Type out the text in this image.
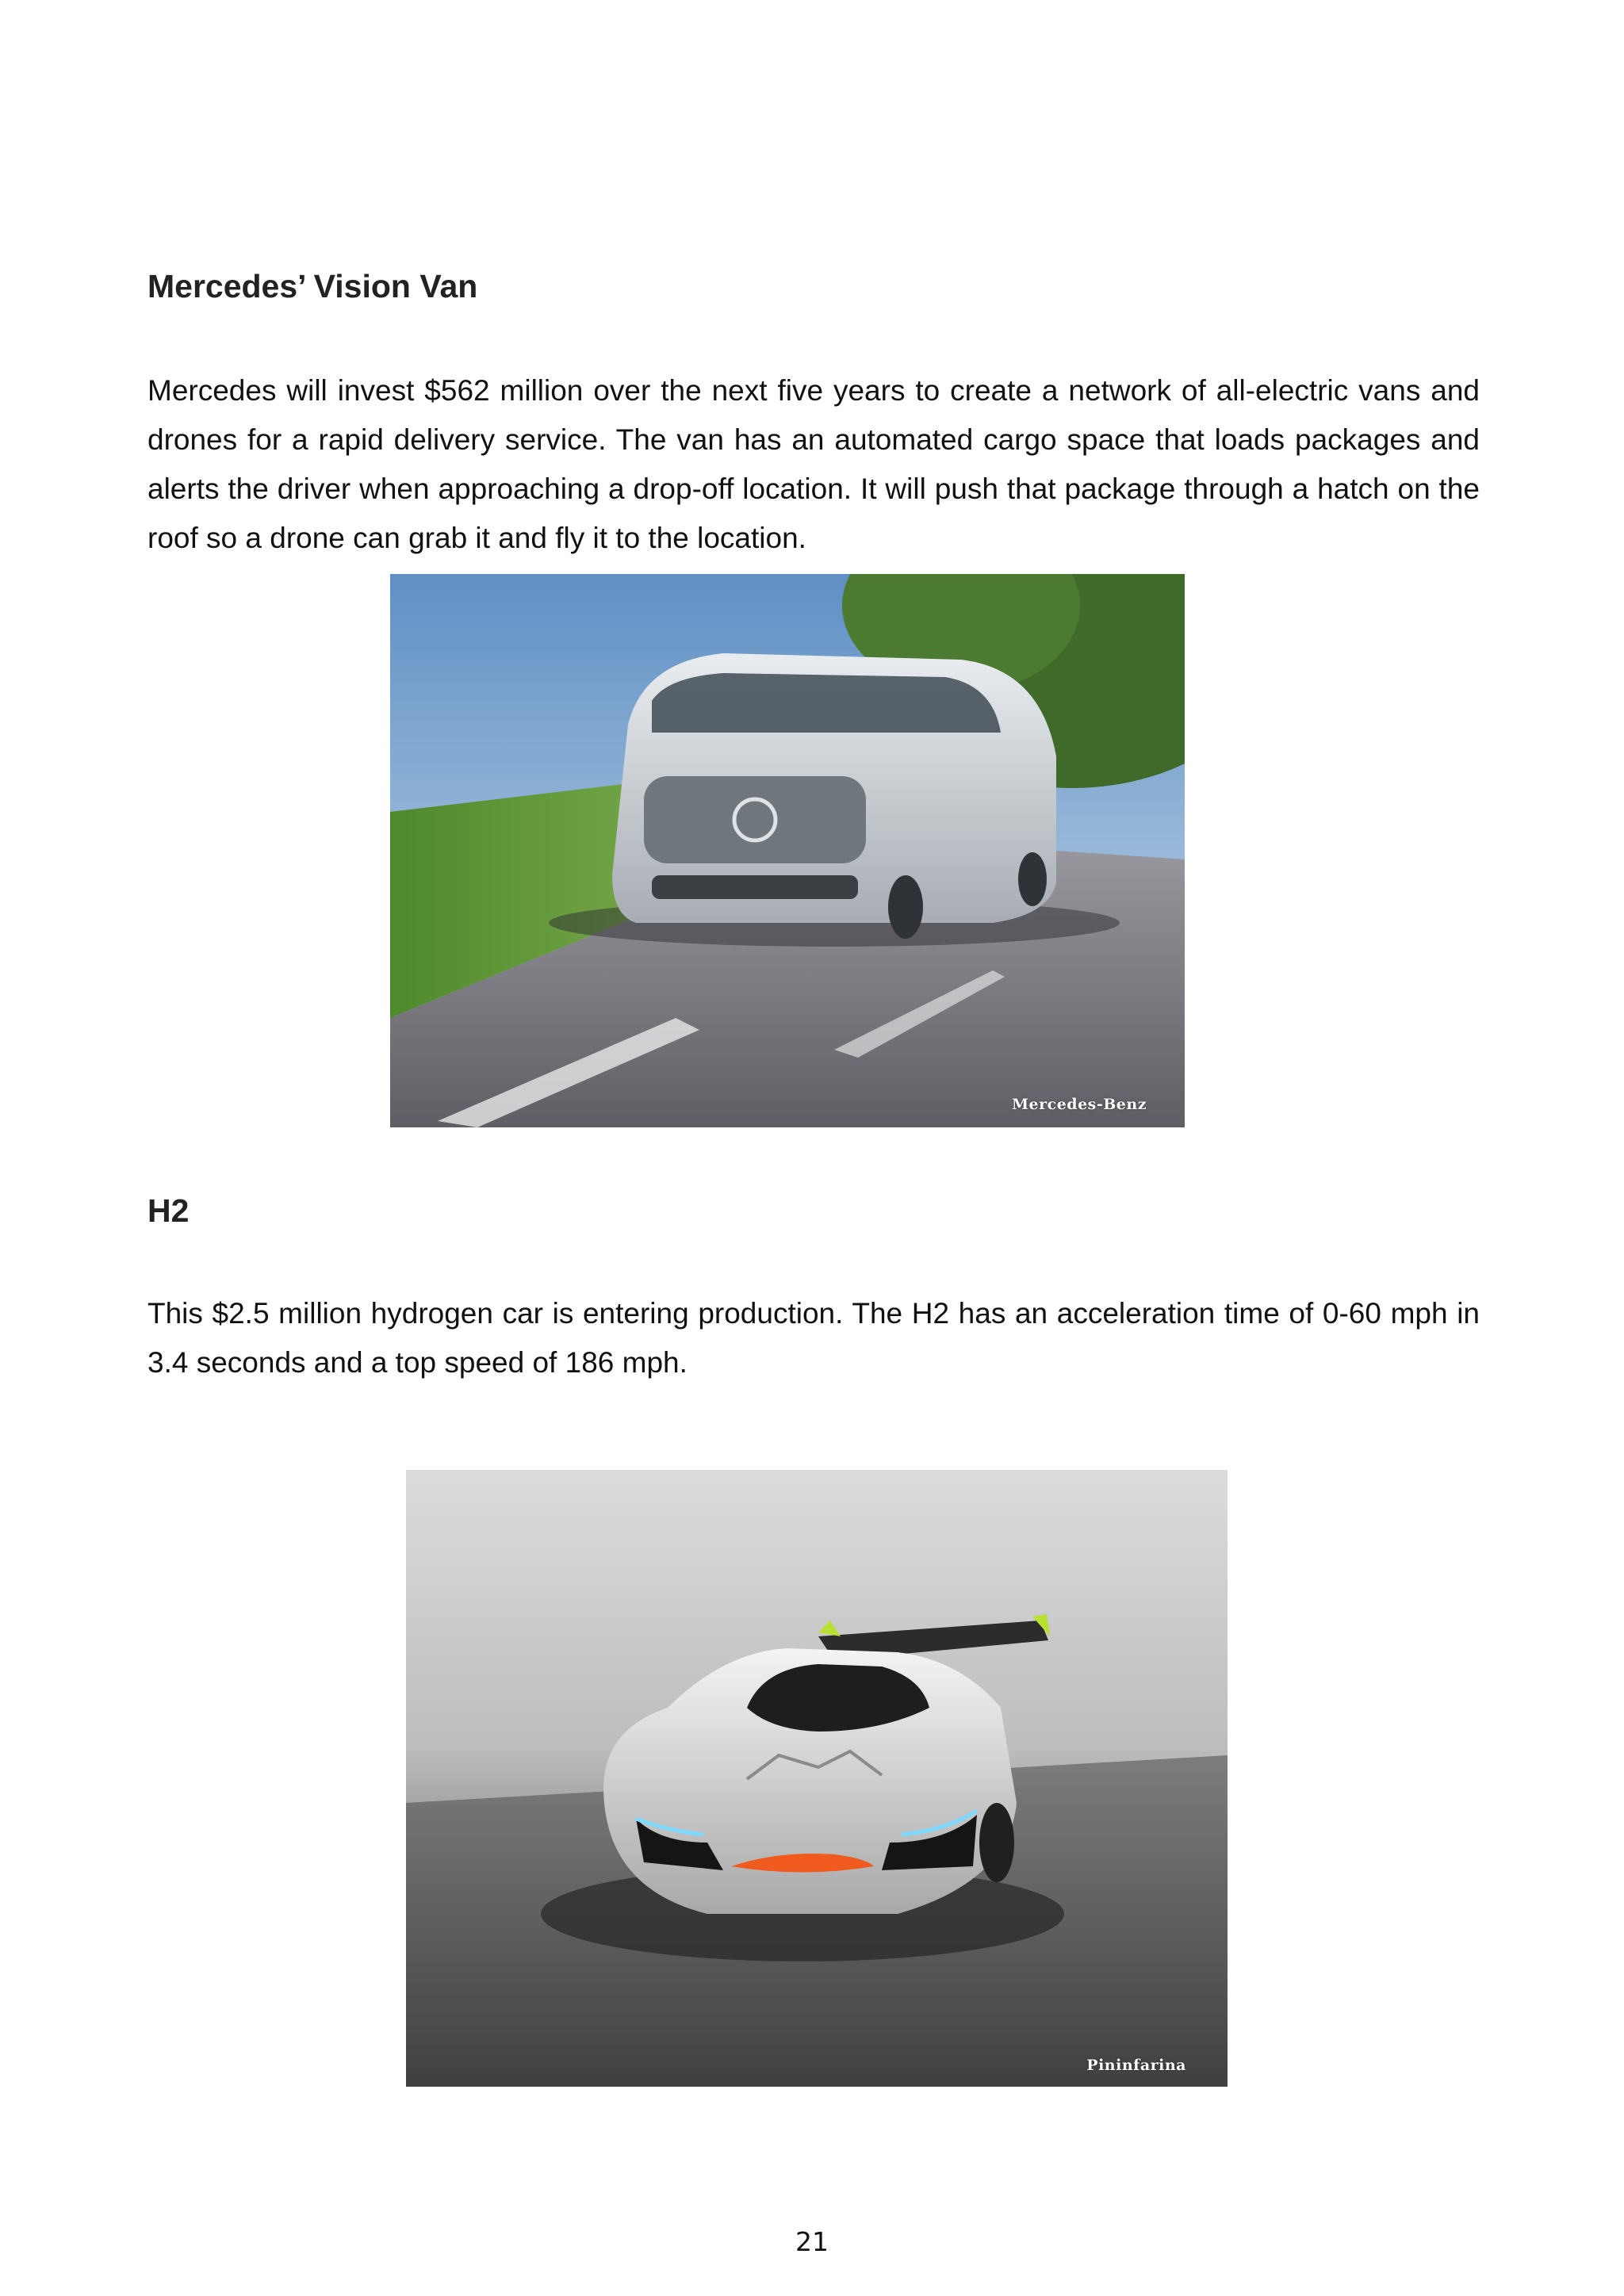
Mercedes’ Vision Van

Mercedes will invest $562 million over the next five years to create a network of all-electric vans and drones for a rapid delivery service. The van has an automated cargo space that loads packages and alerts the driver when approaching a drop-off location. It will push that package through a hatch on the roof so a drone can grab it and fly it to the location.

Mercedes-Benz
H2

This $2.5 million hydrogen car is entering production. The H2 has an acceleration time of 0-60 mph in 3.4 seconds and a top speed of 186 mph.

Pininfarina
21
